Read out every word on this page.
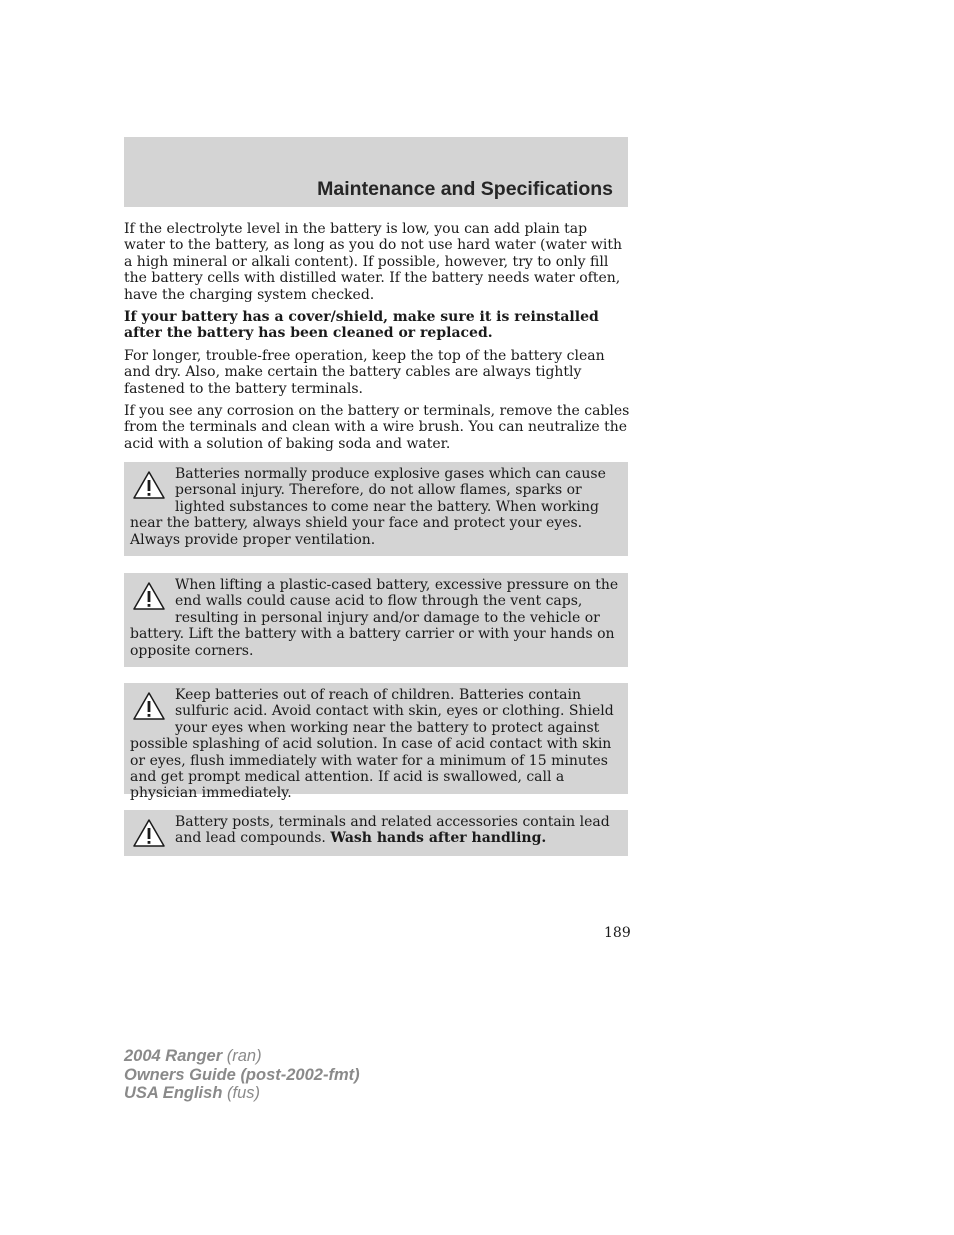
Maintenance and Specifications

If the electrolyte level in the battery is low, you can add plain tap water to the battery, as long as you do not use hard water (water with a high mineral or alkali content). If possible, however, try to only fill the battery cells with distilled water. If the battery needs water often, have the charging system checked.

If your battery has a cover/shield, make sure it is reinstalled after the battery has been cleaned or replaced.

For longer, trouble-free operation, keep the top of the battery clean and dry. Also, make certain the battery cables are always tightly fastened to the battery terminals.

If you see any corrosion on the battery or terminals, remove the cables from the terminals and clean with a wire brush. You can neutralize the acid with a solution of baking soda and water.

Batteries normally produce explosive gases which can cause personal injury. Therefore, do not allow flames, sparks or lighted substances to come near the battery. When working near the battery, always shield your face and protect your eyes. Always provide proper ventilation.
When lifting a plastic-cased battery, excessive pressure on the end walls could cause acid to flow through the vent caps, resulting in personal injury and/or damage to the vehicle or battery. Lift the battery with a battery carrier or with your hands on opposite corners.
Keep batteries out of reach of children. Batteries contain sulfuric acid. Avoid contact with skin, eyes or clothing. Shield your eyes when working near the battery to protect against possible splashing of acid solution. In case of acid contact with skin or eyes, flush immediately with water for a minimum of 15 minutes and get prompt medical attention. If acid is swallowed, call a physician immediately.
Battery posts, terminals and related accessories contain lead and lead compounds. Wash hands after handling.
189
2004 Ranger (ran)
Owners Guide (post-2002-fmt)
USA English (fus)
